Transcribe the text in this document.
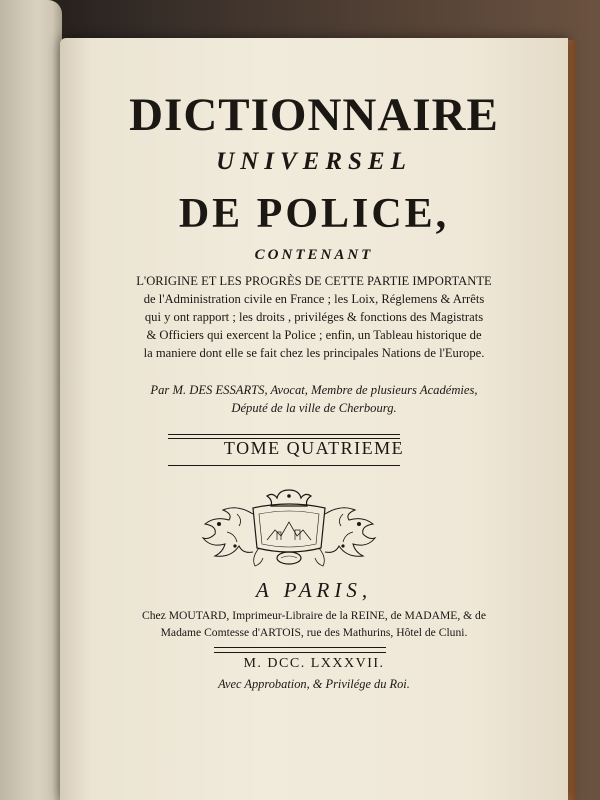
DICTIONNAIRE
UNIVERSEL
DE POLICE,
CONTENANT
L'ORIGINE ET LES PROGRÈS DE CETTE PARTIE IMPORTANTE
de l'Administration civile en France ; les Loix, Réglemens & Arrêts
qui y ont rapport ; les droits , priviléges & fonctions des Magistrats
& Officiers qui exercent la Police ; enfin, un Tableau historique de
la maniere dont elle se fait chez les principales Nations de l'Europe.
Par M. DES ESSARTS, Avocat, Membre de plusieurs Académies,
Député de la ville de Cherbourg.
TOME QUATRIEME
A PARIS,
Chez MOUTARD, Imprimeur-Libraire de la REINE, de MADAME, & de
Madame Comtesse d'ARTOIS, rue des Mathurins, Hôtel de Cluni.
M. DCC. LXXXVII.
Avec Approbation, & Privilége du Roi.
